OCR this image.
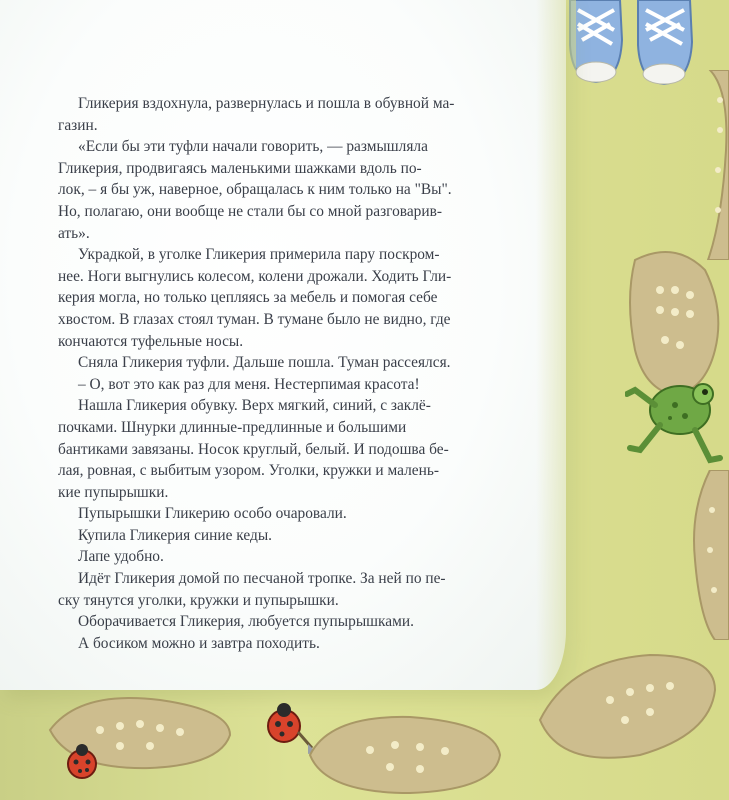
Гликерия вздохнула, развернулась и пошла в обувной ма-

газин.

«Если бы эти туфли начали говорить, — размышляла

Гликерия, продвигаясь маленькими шажками вдоль по-

лок, – я бы уж, наверное, обращалась к ним только на "Вы".

Но, полагаю, они вообще не стали бы со мной разговарив-

ать».

Украдкой, в уголке Гликерия примерила пару поскром-

нее. Ноги выгнулись колесом, колени дрожали. Ходить Гли-

керия могла, но только цепляясь за мебель и помогая себе

хвостом. В глазах стоял туман. В тумане было не видно, где

кончаются туфельные носы.

Сняла Гликерия туфли. Дальше пошла. Туман рассеялся.

– О, вот это как раз для меня. Нестерпимая красота!

Нашла Гликерия обувку. Верх мягкий, синий, с заклё-

почками. Шнурки длинные-предлинные и большими

бантиками завязаны. Носок круглый, белый. И подошва бе-

лая, ровная, с выбитым узором. Уголки, кружки и малень-

кие пупырышки.

Пупырышки Гликерию особо очаровали.

Купила Гликерия синие кеды.

Лапе удобно.

Идёт Гликерия домой по песчаной тропке. За ней по пе-

ску тянутся уголки, кружки и пупырышки.

Оборачивается Гликерия, любуется пупырышками.

А босиком можно и завтра походить.
